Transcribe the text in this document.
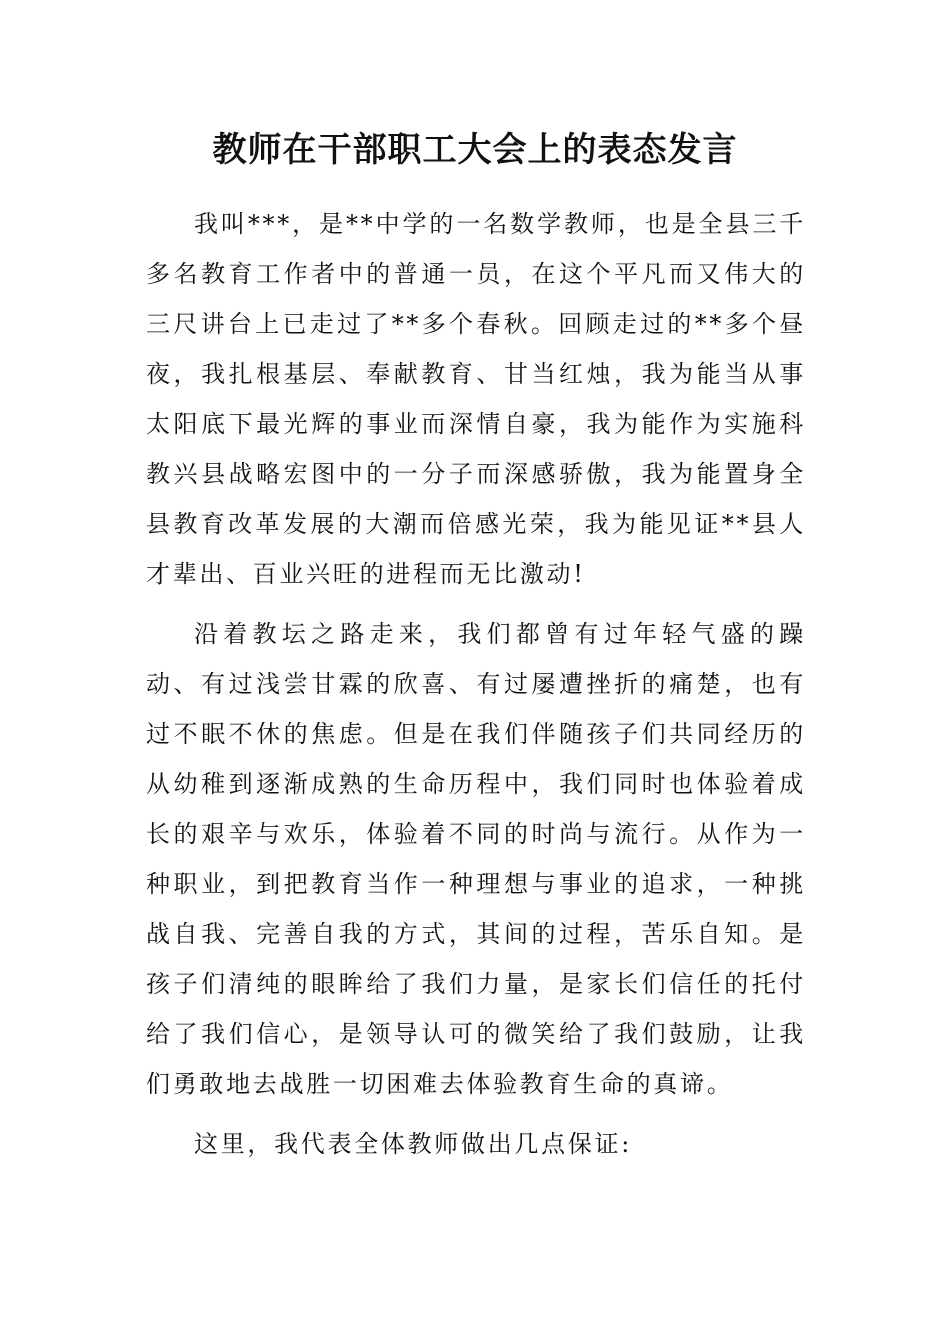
教师在干部职工大会上的表态发言

我叫***，是**中学的一名数学教师，也是全县三千多名教育工作者中的普通一员，在这个平凡而又伟大的三尺讲台上已走过了**多个春秋。回顾走过的**多个昼夜，我扎根基层、奉献教育、甘当红烛，我为能当从事太阳底下最光辉的事业而深情自豪，我为能作为实施科教兴县战略宏图中的一分子而深感骄傲，我为能置身全县教育改革发展的大潮而倍感光荣，我为能见证**县人才辈出、百业兴旺的进程而无比激动!

沿着教坛之路走来，我们都曾有过年轻气盛的躁动、有过浅尝甘霖的欣喜、有过屡遭挫折的痛楚，也有过不眠不休的焦虑。但是在我们伴随孩子们共同经历的从幼稚到逐渐成熟的生命历程中，我们同时也体验着成长的艰辛与欢乐，体验着不同的时尚与流行。从作为一种职业，到把教育当作一种理想与事业的追求，一种挑战自我、完善自我的方式，其间的过程，苦乐自知。是孩子们清纯的眼眸给了我们力量，是家长们信任的托付给了我们信心，是领导认可的微笑给了我们鼓励，让我们勇敢地去战胜一切困难去体验教育生命的真谛。

这里，我代表全体教师做出几点保证:
